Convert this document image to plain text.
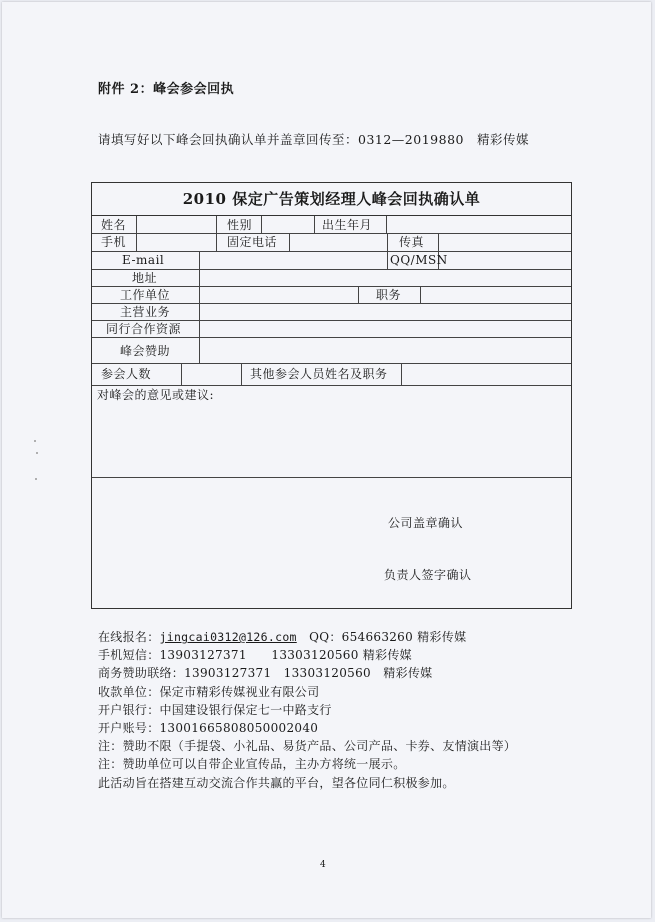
附件 2：峰会参会回执
请填写好以下峰会回执确认单并盖章回传至：0312—2019880　精彩传媒
2010 保定广告策划经理人峰会回执确认单
姓名	性别	出生年月
手机	固定电话	传真
E-mail	QQ/MSN
地址
工作单位	职务
主营业务
同行合作资源
峰会赞助
参会人数	其他参会人员姓名及职务
对峰会的意见或建议:
公司盖章确认
负责人签字确认
在线报名：jingcai0312@126.com　QQ：654663260 精彩传媒
手机短信：13903127371　　13303120560 精彩传媒
商务赞助联络：13903127371　13303120560　精彩传媒
收款单位：保定市精彩传媒视业有限公司
开户银行：中国建设银行保定七一中路支行
开户账号：13001665808050002040
注：赞助不限（手提袋、小礼品、易货产品、公司产品、卡券、友情演出等）
注：赞助单位可以自带企业宣传品，主办方将统一展示。
此活动旨在搭建互动交流合作共赢的平台，望各位同仁积极参加。
4
